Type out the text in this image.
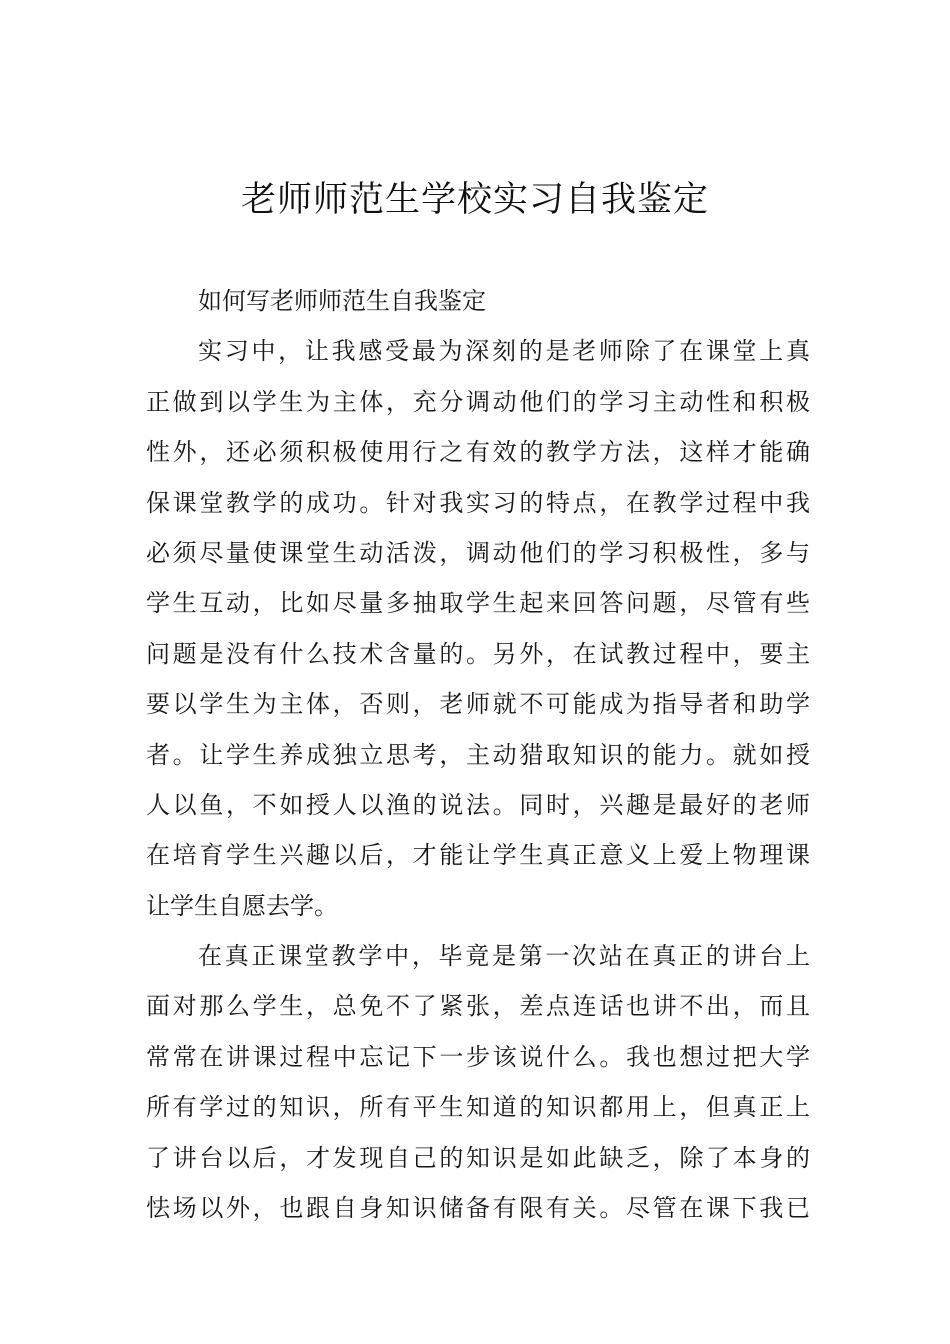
老师师范生学校实习自我鉴定
如何写老师师范生自我鉴定
实习中，让我感受最为深刻的是老师除了在课堂上真
正做到以学生为主体，充分调动他们的学习主动性和积极
性外，还必须积极使用行之有效的教学方法，这样才能确
保课堂教学的成功。针对我实习的特点，在教学过程中我
必须尽量使课堂生动活泼，调动他们的学习积极性，多与
学生互动，比如尽量多抽取学生起来回答问题，尽管有些
问题是没有什么技术含量的。另外，在试教过程中，要主
要以学生为主体，否则，老师就不可能成为指导者和助学
者。让学生养成独立思考，主动猎取知识的能力。就如授
人以鱼，不如授人以渔的说法。同时，兴趣是最好的老师
在培育学生兴趣以后，才能让学生真正意义上爱上物理课
让学生自愿去学。
在真正课堂教学中，毕竟是第一次站在真正的讲台上
面对那么学生，总免不了紧张，差点连话也讲不出，而且
常常在讲课过程中忘记下一步该说什么。我也想过把大学
所有学过的知识，所有平生知道的知识都用上，但真正上
了讲台以后，才发现自己的知识是如此缺乏，除了本身的
怯场以外，也跟自身知识储备有限有关。尽管在课下我已
